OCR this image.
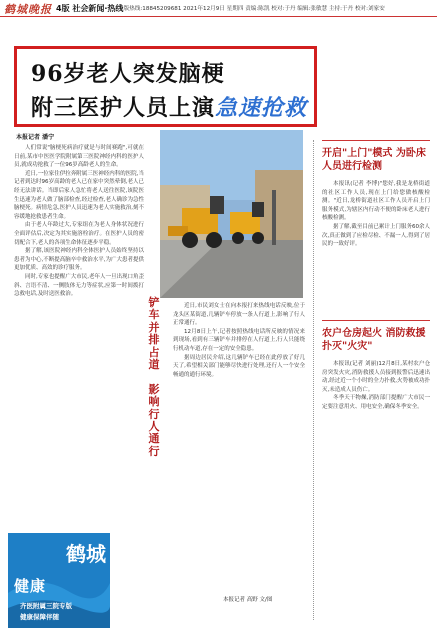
鹤城晚报 4版 社会新闻·热线
本版热线:18845209681 2021年12月9日 星期四 责编:陈凯 校对:于丹 编辑:张敏慧 主持:于丹 校对:刘家安
96岁老人突发脑梗
附三医护人员上演急速抢救
本报记者 潘宁

人们常说"脑梗死病治疗就是与时间赛跑",可就在日前,某市中医医学院附属第三医院神经内科的医护人员,就成功抢救了一位96岁高龄老人的生命。

近日,一位家住伊拉奔附属三医神经内科的医院,当记者到达时96岁高龄的老人已在家中突然晕倒,老人已经无法讲话。当即后家人急忙将老人送往医院,该院医生迅速为老人做了脑部检查,经过检查,老人确诊为急性脑梗死。病情危急,医护人员迅速为老人实施救治,刻不容缓地抢救患者生命。

由于老人年龄过大,专家组在为老人身体状况进行全面评估后,决定为其实施溶栓治疗。在医护人员的密切配合下,老人的各项生命体征逐步平稳。

据了解,该医院神经内科全体医护人员始终坚持以患者为中心,不断提高脑卒中救治水平,为广大患者提供更加优质、高效的诊疗服务。

同时,专家也提醒广大市民,老年人一旦出现口角歪斜、言语不清、一侧肢体无力等症状,应第一时间拨打急救电话,及时送医救治。

铲
车
并
排
占
道

影
响
行
人
通
行

近日,市民刘女士在向本报打来热线电话反映,位于龙头区某街道,几辆铲车停放一条人行道上,影响了行人正常通行。

12月8日上午,记者按照热线电话所反映的情况来到现场,看到有三辆铲车并排停在人行道上,行人只能绕行机动车道,存在一定的安全隐患。

据周边居民介绍,这几辆铲车已经在此停放了好几天了,希望相关部门能够尽快进行处理,还行人一个安全畅通的通行环境。

本报记者 高野 文/图
开启"上门"模式 为卧床人员进行检测

本报讯(记者 李博)"您好,我是龙桥街道的社区工作人员,现在上门给您做核酸检测。"近日,龙桥街道社区工作人员开启上门服务模式,为辖区内行动不便的卧床老人进行核酸检测。

据了解,截至目前已累计上门服务60余人次,真正做到了应检尽检、不漏一人,得到了居民的一致好评。

农户仓房起火 消防救援扑灭"火灾"

本报讯(记者 刘丽)12月8日,某村农户仓房突发火灾,消防救援人员接到报警后迅速出动,经过近一个小时的全力扑救,火势被成功扑灭,未造成人员伤亡。

冬季天干物燥,消防部门提醒广大市民一定要注意用火、用电安全,确保冬季安全。

鹤城
健康
齐医附属三院专版
健康保障伴随
